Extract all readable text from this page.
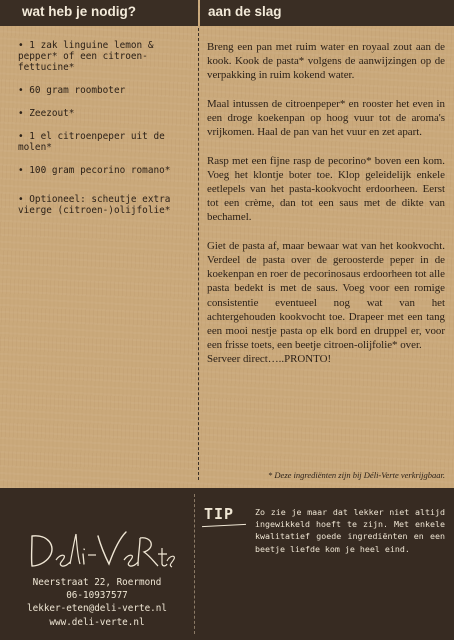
wat heb je nodig?	aan de slag
• 1 zak linguine lemon & pepper* of een citroen-fettucine*
• 60 gram roomboter
• Zeezout*
• 1 el citroenpeper uit de molen*
• 100 gram pecorino romano*
• Optioneel: scheutje extra vierge (citroen-)olijfolie*

Breng een pan met ruim water en royaal zout aan de kook. Kook de pasta* volgens de aanwijzingen op de verpakking in ruim kokend water.

Maal intussen de citroenpeper* en rooster het even in een droge koekenpan op hoog vuur tot de aroma's vrijkomen. Haal de pan van het vuur en zet apart.

Rasp met een fijne rasp de pecorino* boven een kom. Voeg het klontje boter toe. Klop geleidelijk enkele eetlepels van het pasta-kookvocht erdoorheen. Eerst tot een crème, dan tot een saus met de dikte van bechamel.

Giet de pasta af, maar bewaar wat van het kookvocht. Verdeel de pasta over de geroosterde peper in de koekenpan en roer de pecorinosaus erdoorheen tot alle pasta bedekt is met de saus. Voeg voor een romige consistentie eventueel nog wat van het achtergehouden kookvocht toe. Drapeer met een tang een mooi nestje pasta op elk bord en druppel er, voor een frisse toets, een beetje citroen-olijfolie* over.

Serveer direct…..PRONTO!

* Deze ingrediënten zijn bij Déli-Verte verkrijgbaar.
Neerstraat 22, Roermond
06-10937577
lekker-eten@deli-verte.nl
www.deli-verte.nl
TIP	Zo zie je maar dat lekker niet altijd ingewikkeld hoeft te zijn. Met enkele kwalitatief goede ingrediënten en een beetje liefde kom je heel eind.
